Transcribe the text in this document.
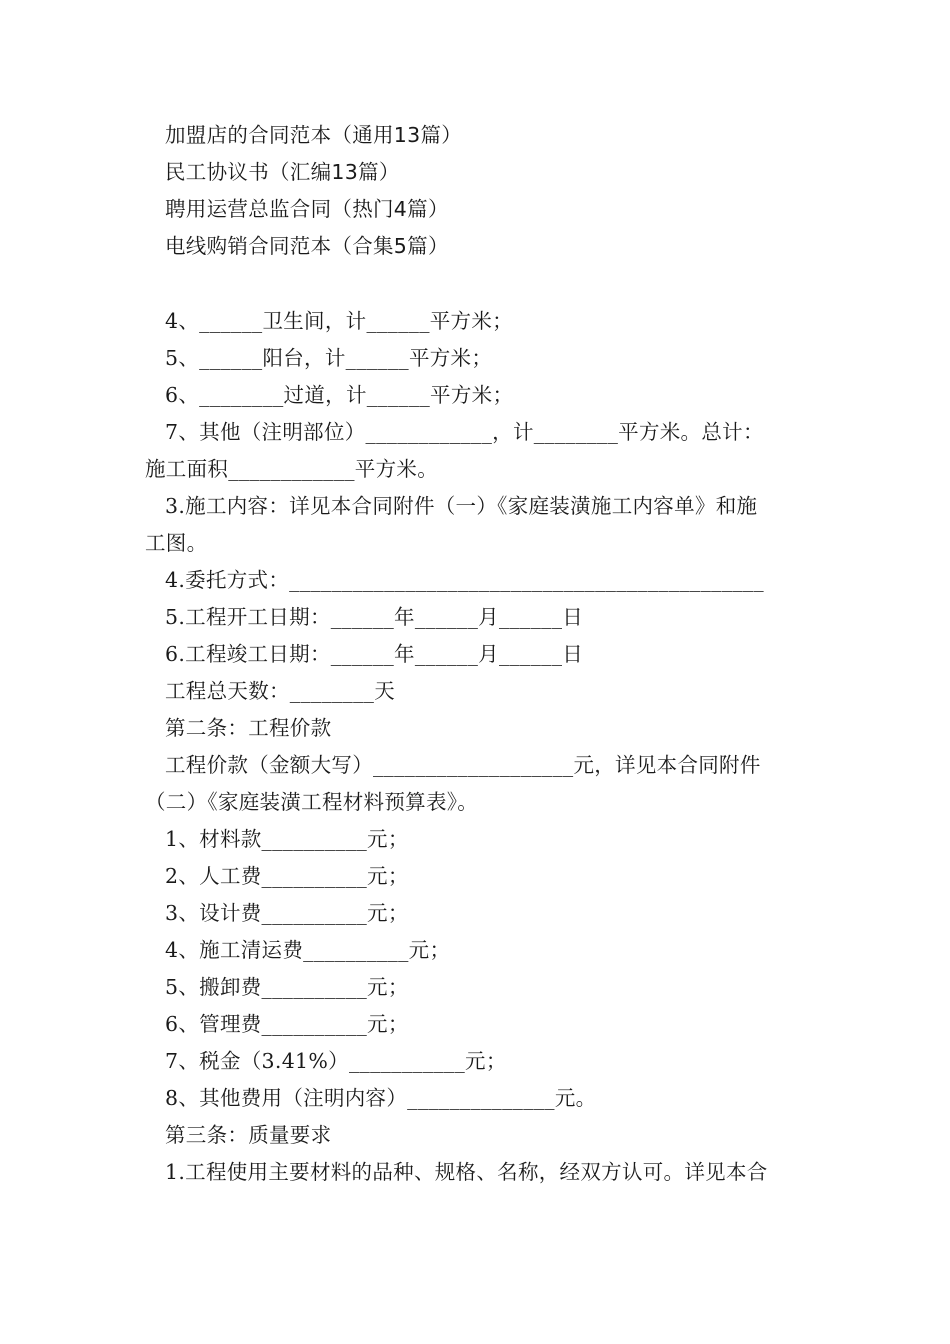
加盟店的合同范本（通用13篇）
民工协议书（汇编13篇）
聘用运营总监合同（热门4篇）
电线购销合同范本（合集5篇）
4、______卫生间，计______平方米；
5、______阳台，计______平方米；
6、________过道，计______平方米；
7、其他（注明部位）____________，计________平方米。总计：
施工面积____________平方米。
3.施工内容：详见本合同附件（一）《家庭装潢施工内容单》和施
工图。
4.委托方式：_____________________________________________
5.工程开工日期：______年______月______日
6.工程竣工日期：______年______月______日
工程总天数：________天
第二条：工程价款
工程价款（金额大写）___________________元，详见本合同附件
（二）《家庭装潢工程材料预算表》。
1、材料款__________元；
2、人工费__________元；
3、设计费__________元；
4、施工清运费__________元；
5、搬卸费__________元；
6、管理费__________元；
7、税金（3.41%）___________元；
8、其他费用（注明内容）______________元。
第三条：质量要求
1.工程使用主要材料的品种、规格、名称，经双方认可。详见本合
